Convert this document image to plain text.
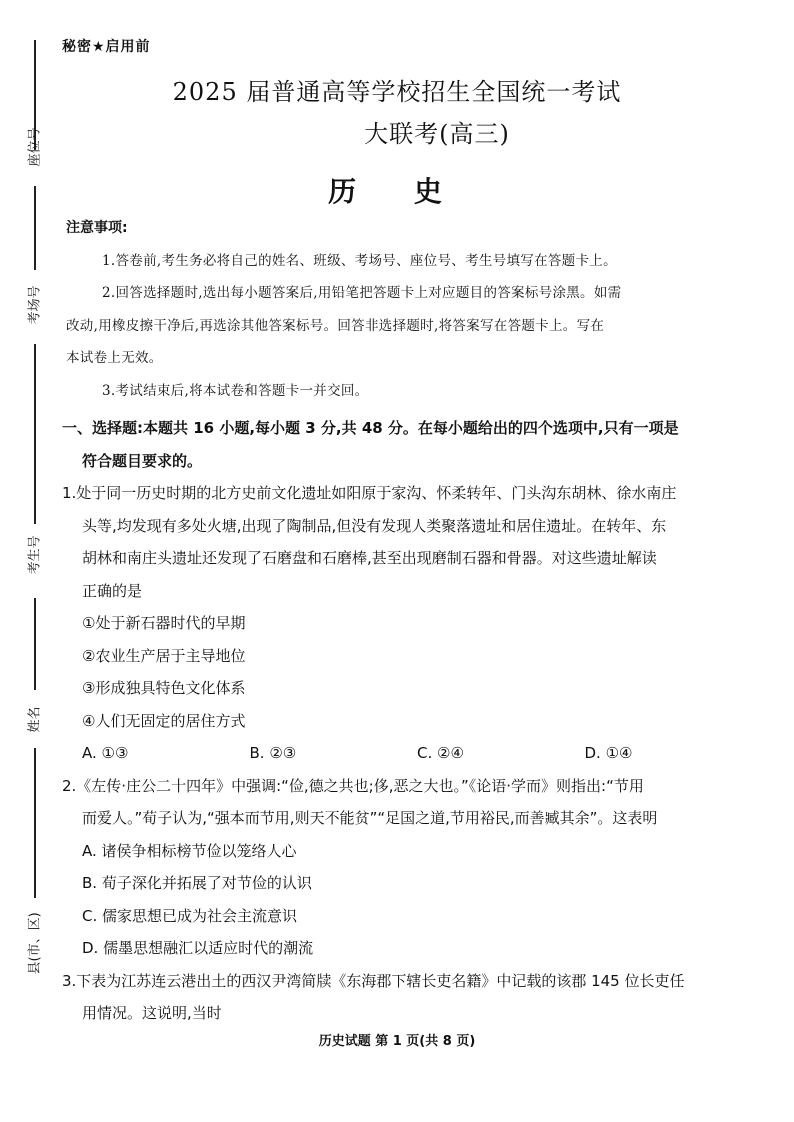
座位号
考场号
考生号
姓名
县(市、区)
秘密★启用前
2025 届普通高等学校招生全国统一考试
大联考(高三)
历 史
注意事项:
1.答卷前,考生务必将自己的姓名、班级、考场号、座位号、考生号填写在答题卡上。
2.回答选择题时,选出每小题答案后,用铅笔把答题卡上对应题目的答案标号涂黑。如需
改动,用橡皮擦干净后,再选涂其他答案标号。回答非选择题时,将答案写在答题卡上。写在
本试卷上无效。
3.考试结束后,将本试卷和答题卡一并交回。
一、选择题:本题共 16 小题,每小题 3 分,共 48 分。在每小题给出的四个选项中,只有一项是
符合题目要求的。
1.处于同一历史时期的北方史前文化遗址如阳原于家沟、怀柔转年、门头沟东胡林、徐水南庄
头等,均发现有多处火塘,出现了陶制品,但没有发现人类聚落遗址和居住遗址。在转年、东
胡林和南庄头遗址还发现了石磨盘和石磨棒,甚至出现磨制石器和骨器。对这些遗址解读
正确的是
①处于新石器时代的早期
②农业生产居于主导地位
③形成独具特色文化体系
④人们无固定的居住方式
A. ①③	B. ②③	C. ②④	D. ①④
2.《左传·庄公二十四年》中强调:“俭,德之共也;侈,恶之大也。”《论语·学而》则指出:“节用
而爱人。”荀子认为,“强本而节用,则天不能贫”“足国之道,节用裕民,而善臧其余”。这表明
A. 诸侯争相标榜节俭以笼络人心
B. 荀子深化并拓展了对节俭的认识
C. 儒家思想已成为社会主流意识
D. 儒墨思想融汇以适应时代的潮流
3.下表为江苏连云港出土的西汉尹湾简牍《东海郡下辖长吏名籍》中记载的该郡 145 位长吏任
用情况。这说明,当时
历史试题 第 1 页(共 8 页)
